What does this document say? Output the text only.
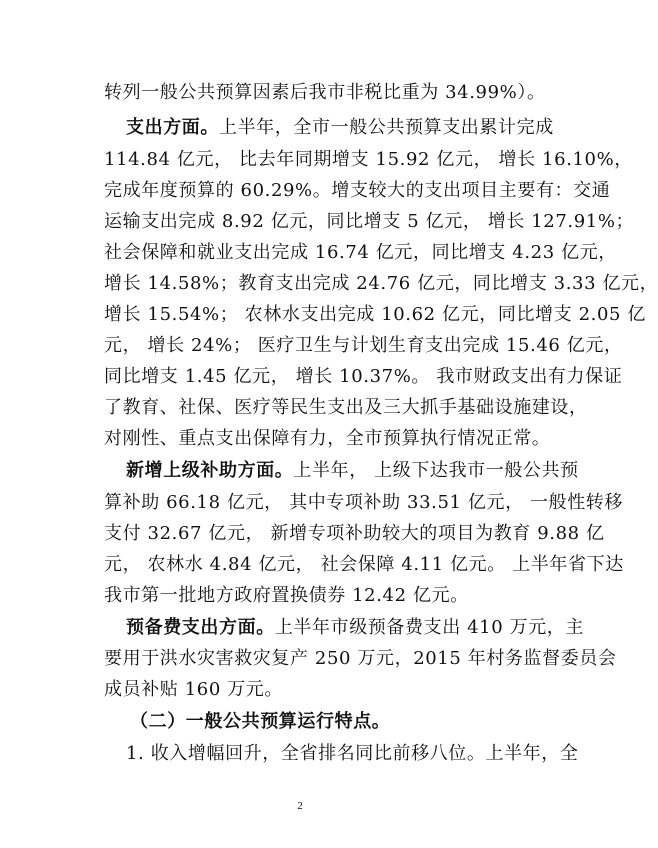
转列一般公共预算因素后我市非税比重为 34.99%）。
支出方面。上半年，全市一般公共预算支出累计完成
114.84 亿元， 比去年同期增支 15.92 亿元， 增长 16.10%，
完成年度预算的 60.29%。增支较大的支出项目主要有：交通
运输支出完成 8.92 亿元，同比增支 5 亿元， 增长 127.91%；
社会保障和就业支出完成 16.74 亿元，同比增支 4.23 亿元，
增长 14.58%；教育支出完成 24.76 亿元，同比增支 3.33 亿元，
增长 15.54%； 农林水支出完成 10.62 亿元，同比增支 2.05 亿
元， 增长 24%； 医疗卫生与计划生育支出完成 15.46 亿元，
同比增支 1.45 亿元， 增长 10.37%。 我市财政支出有力保证
了教育、社保、医疗等民生支出及三大抓手基础设施建设，
对刚性、重点支出保障有力，全市预算执行情况正常。
新增上级补助方面。上半年， 上级下达我市一般公共预
算补助 66.18 亿元， 其中专项补助 33.51 亿元， 一般性转移
支付 32.67 亿元， 新增专项补助较大的项目为教育 9.88 亿
元， 农林水 4.84 亿元， 社会保障 4.11 亿元。 上半年省下达
我市第一批地方政府置换债券 12.42 亿元。
预备费支出方面。上半年市级预备费支出 410 万元，主
要用于洪水灾害救灾复产 250 万元，2015 年村务监督委员会
成员补贴 160 万元。
（二）一般公共预算运行特点。
1. 收入增幅回升，全省排名同比前移八位。上半年，全
2
